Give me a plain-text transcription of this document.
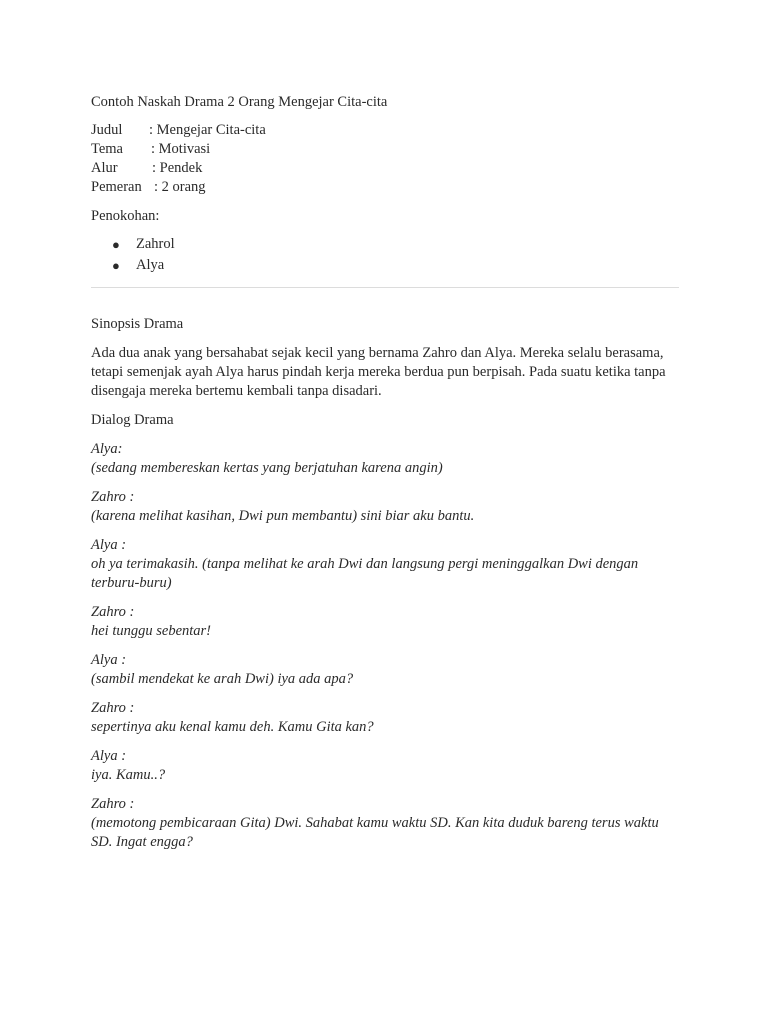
Contoh Naskah Drama 2 Orang Mengejar Cita-cita
Judul	: Mengejar Cita-cita
Tema	: Motivasi
Alur	: Pendek
Pemeran : 2 orang
Penokohan:
● Zahrol
● Alya
Sinopsis Drama
Ada dua anak yang bersahabat sejak kecil yang bernama Zahro dan Alya. Mereka selalu berasama, tetapi semenjak ayah Alya harus pindah kerja mereka berdua pun berpisah. Pada suatu ketika tanpa disengaja mereka bertemu kembali tanpa disadari.
Dialog Drama
Alya:
(sedang membereskan kertas yang berjatuhan karena angin)
Zahro :
(karena melihat kasihan, Dwi pun membantu) sini biar aku bantu.
Alya :
oh ya terimakasih. (tanpa melihat ke arah Dwi dan langsung pergi meninggalkan Dwi dengan terburu-buru)
Zahro :
hei tunggu sebentar!
Alya :
(sambil mendekat ke arah Dwi) iya ada apa?
Zahro :
sepertinya aku kenal kamu deh. Kamu Gita kan?
Alya :
iya. Kamu..?
Zahro :
(memotong pembicaraan Gita) Dwi. Sahabat kamu waktu SD. Kan kita duduk bareng terus waktu SD. Ingat engga?
